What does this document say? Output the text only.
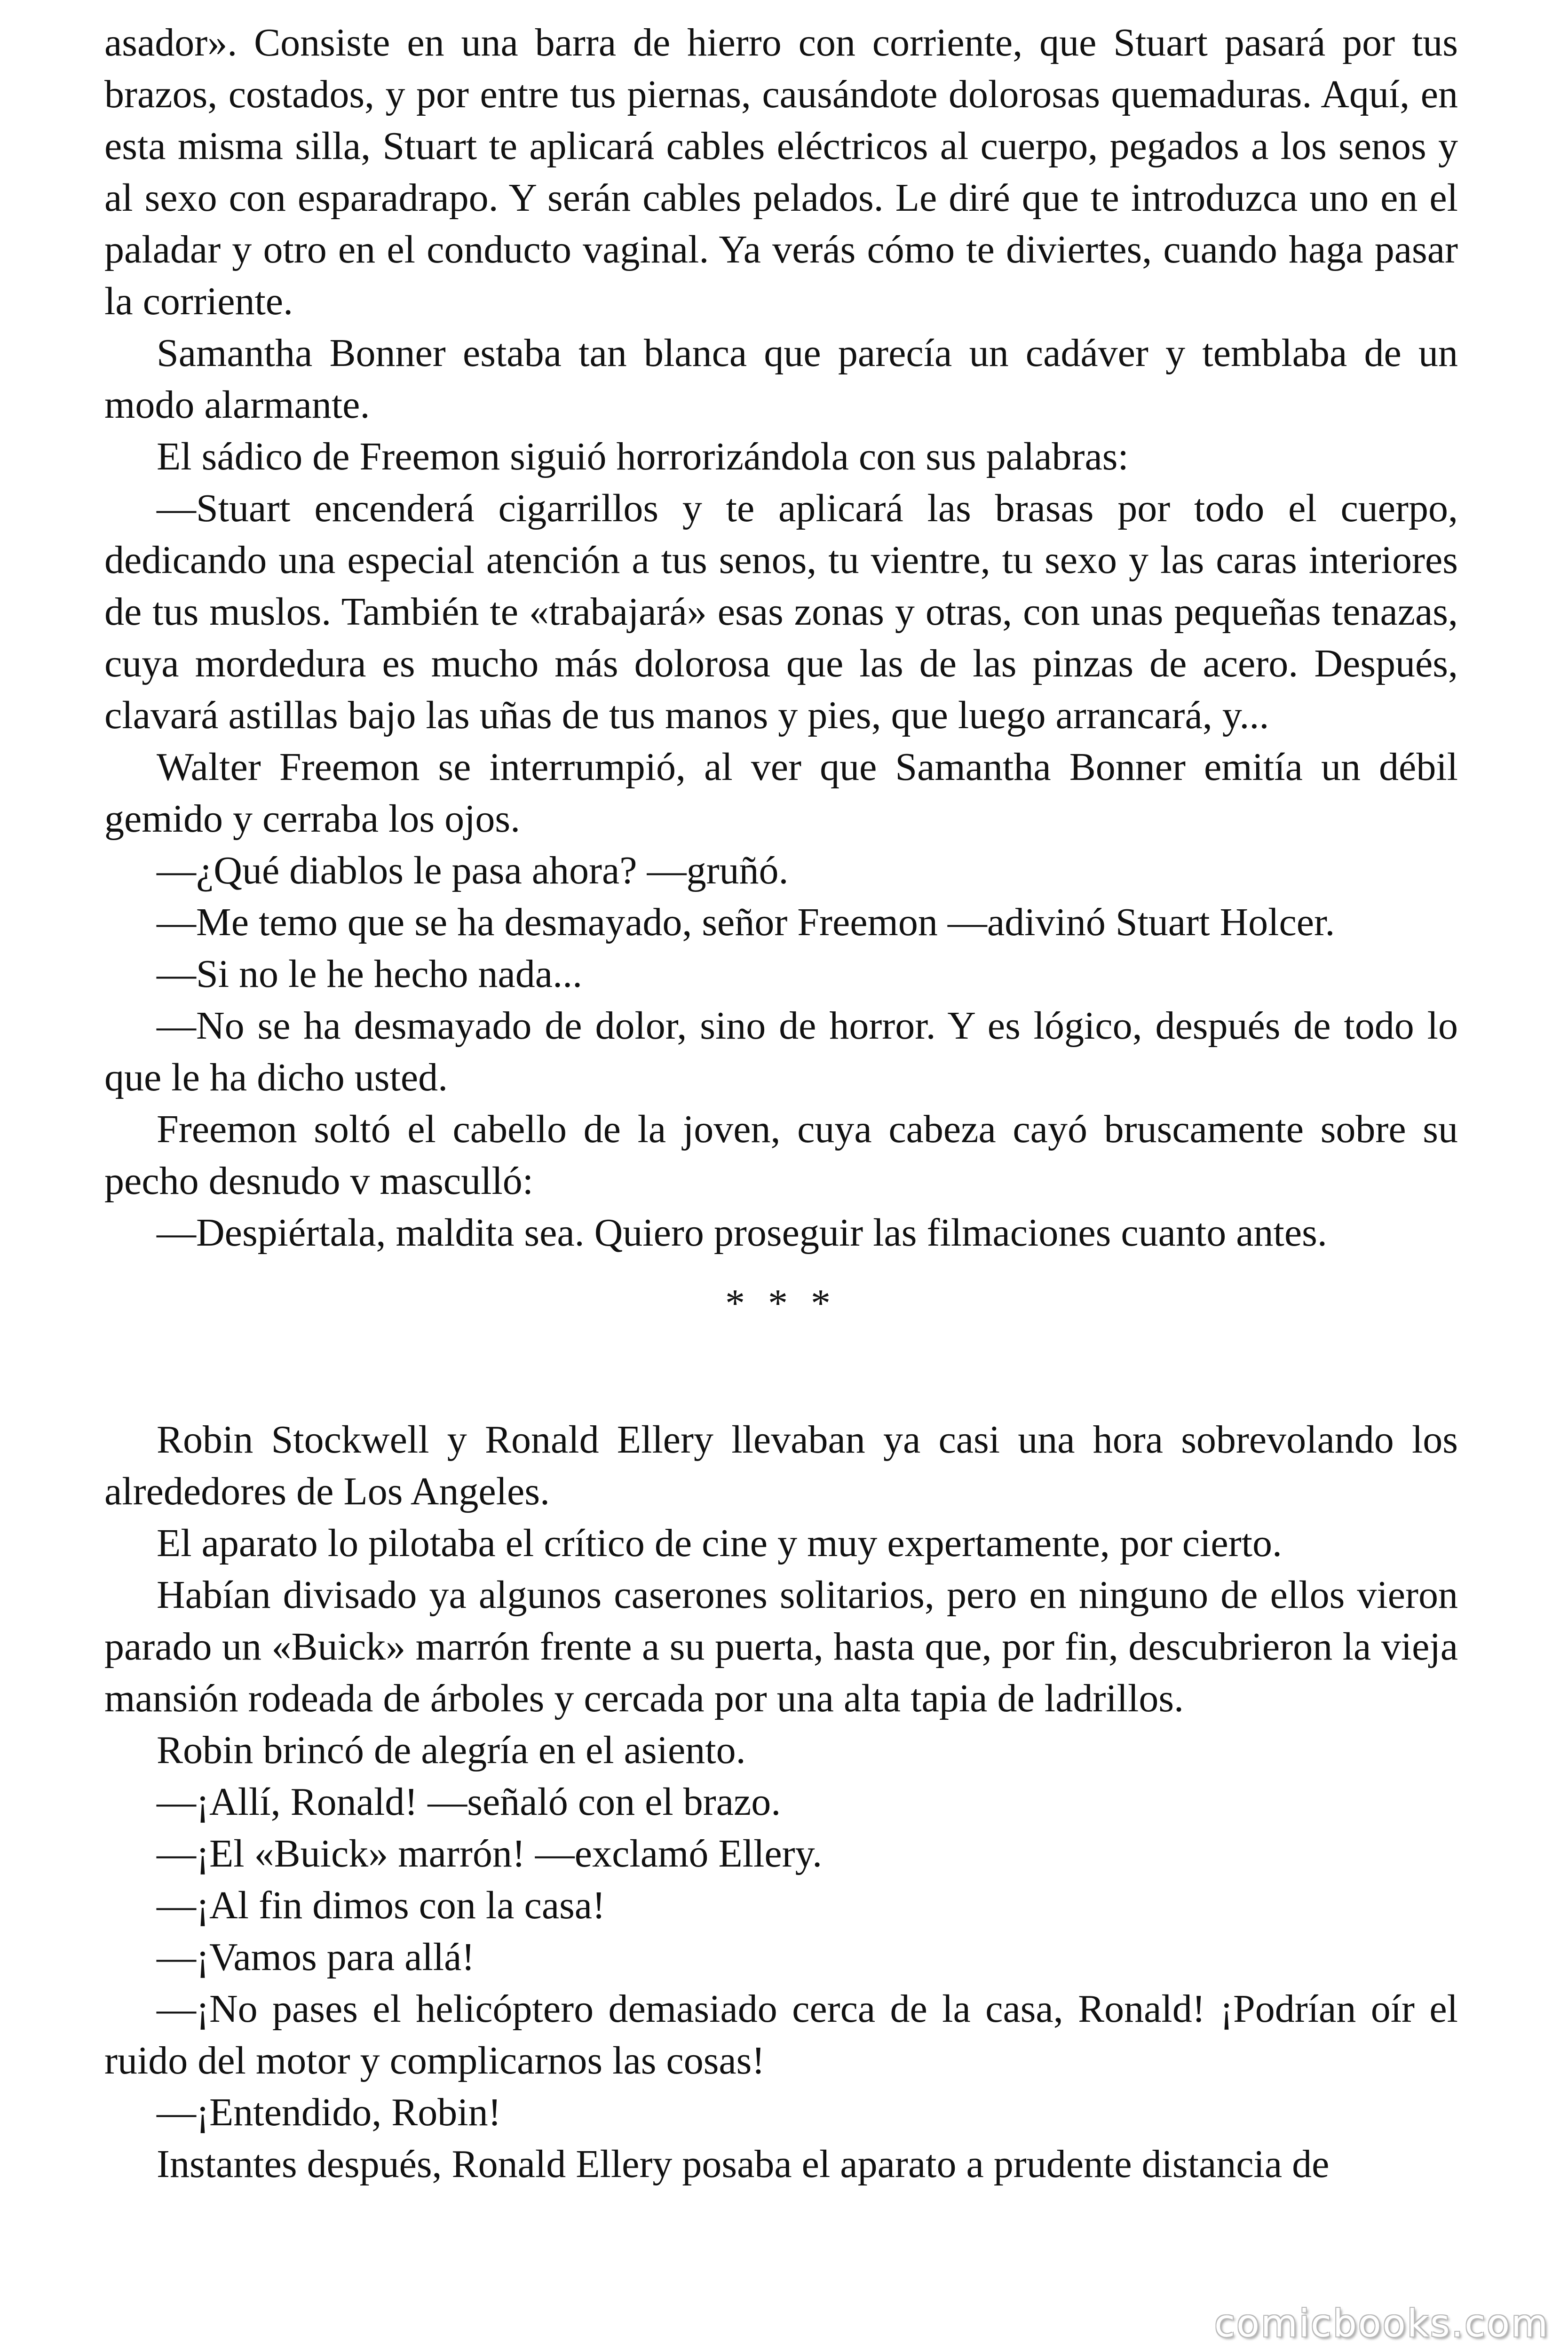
asador». Consiste en una barra de hierro con corriente, que Stuart pasará por tus brazos, costados, y por entre tus piernas, causándote dolorosas quemaduras. Aquí, en esta misma silla, Stuart te aplicará cables eléctricos al cuerpo, pegados a los senos y al sexo con esparadrapo. Y serán cables pelados. Le diré que te introduzca uno en el paladar y otro en el conducto vaginal. Ya verás cómo te diviertes, cuando haga pasar la corriente.

Samantha Bonner estaba tan blanca que parecía un cadáver y temblaba de un modo alarmante.

El sádico de Freemon siguió horrorizándola con sus palabras:

—Stuart encenderá cigarrillos y te aplicará las brasas por todo el cuerpo, dedicando una especial atención a tus senos, tu vientre, tu sexo y las caras interiores de tus muslos. También te «trabajará» esas zonas y otras, con unas pequeñas tenazas, cuya mordedura es mucho más dolorosa que las de las pinzas de acero. Después, clavará astillas bajo las uñas de tus manos y pies, que luego arrancará, y...

Walter Freemon se interrumpió, al ver que Samantha Bonner emitía un débil gemido y cerraba los ojos.

—¿Qué diablos le pasa ahora? —gruñó.

—Me temo que se ha desmayado, señor Freemon —adivinó Stuart Holcer.

—Si no le he hecho nada...

—No se ha desmayado de dolor, sino de horror. Y es lógico, después de todo lo que le ha dicho usted.

Freemon soltó el cabello de la joven, cuya cabeza cayó bruscamente sobre su pecho desnudo v masculló:

—Despiértala, maldita sea. Quiero proseguir las filmaciones cuanto antes.

* * *

Robin Stockwell y Ronald Ellery llevaban ya casi una hora sobrevolando los alrededores de Los Angeles.

El aparato lo pilotaba el crítico de cine y muy expertamente, por cierto.

Habían divisado ya algunos caserones solitarios, pero en ninguno de ellos vieron parado un «Buick» marrón frente a su puerta, hasta que, por fin, descubrieron la vieja mansión rodeada de árboles y cercada por una alta tapia de ladrillos.

Robin brincó de alegría en el asiento.

—¡Allí, Ronald! —señaló con el brazo.

—¡El «Buick» marrón! —exclamó Ellery.

—¡Al fin dimos con la casa!

—¡Vamos para allá!

—¡No pases el helicóptero demasiado cerca de la casa, Ronald! ¡Podrían oír el ruido del motor y complicarnos las cosas!

—¡Entendido, Robin!

Instantes después, Ronald Ellery posaba el aparato a prudente distancia de

comicbooks.com
